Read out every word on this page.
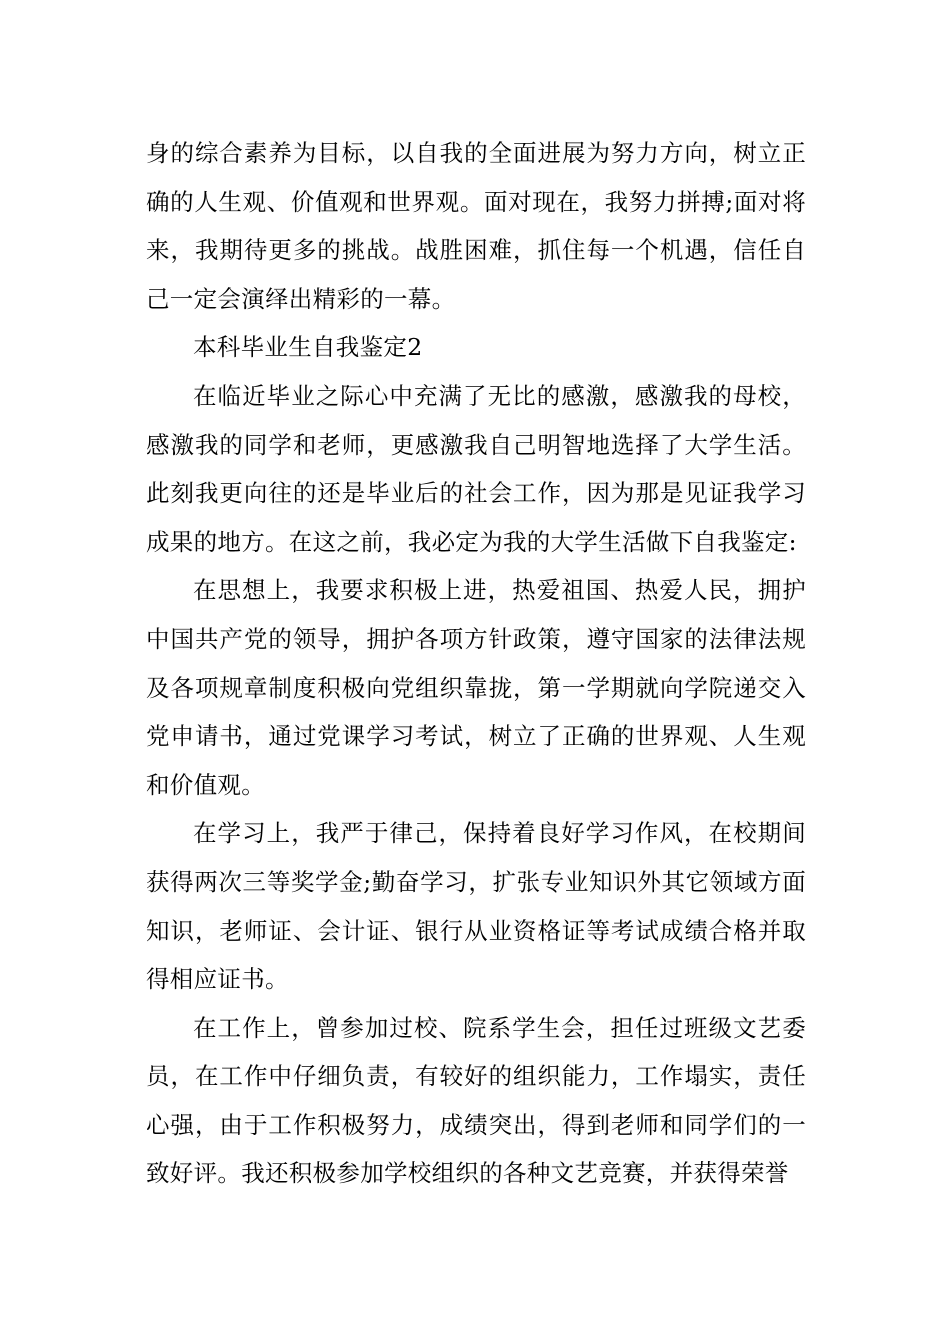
身的综合素养为目标，以自我的全面进展为努力方向，树立正确的人生观、价值观和世界观。面对现在，我努力拼搏;面对将来，我期待更多的挑战。战胜困难，抓住每一个机遇，信任自己一定会演绎出精彩的一幕。

本科毕业生自我鉴定2

在临近毕业之际心中充满了无比的感激，感激我的母校，感激我的同学和老师，更感激我自己明智地选择了大学生活。此刻我更向往的还是毕业后的社会工作，因为那是见证我学习成果的地方。在这之前，我必定为我的大学生活做下自我鉴定:

在思想上，我要求积极上进，热爱祖国、热爱人民，拥护中国共产党的领导，拥护各项方针政策，遵守国家的法律法规及各项规章制度积极向党组织靠拢，第一学期就向学院递交入党申请书，通过党课学习考试，树立了正确的世界观、人生观和价值观。

在学习上，我严于律己，保持着良好学习作风，在校期间获得两次三等奖学金;勤奋学习，扩张专业知识外其它领域方面知识，老师证、会计证、银行从业资格证等考试成绩合格并取得相应证书。

在工作上，曾参加过校、院系学生会，担任过班级文艺委员，在工作中仔细负责，有较好的组织能力，工作塌实，责任心强，由于工作积极努力，成绩突出，得到老师和同学们的一致好评。我还积极参加学校组织的各种文艺竞赛，并获得荣誉
